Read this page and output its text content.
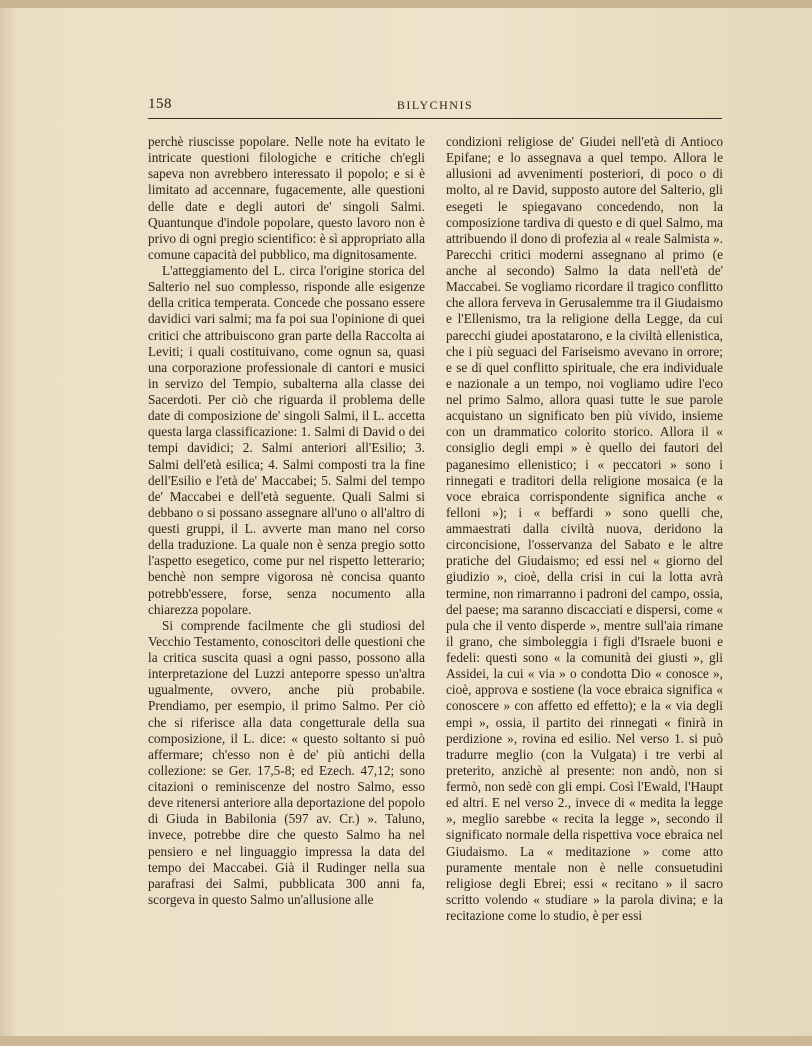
158	BILYCHNIS

perchè riuscisse popolare. Nelle note ha evitato le intricate questioni filologiche e critiche ch'egli sapeva non avrebbero interessato il popolo; e si è limitato ad accennare, fugacemente, alle questioni delle date e degli autori de' singoli Salmi. Quantunque d'indole popolare, questo lavoro non è privo di ogni pregio scientifico: è sì appropriato alla comune capacità del pubblico, ma dignitosamente.

L'atteggiamento del L. circa l'origine storica del Salterio nel suo complesso, risponde alle esigenze della critica temperata. Concede che possano essere davidici vari salmi; ma fa poi sua l'opinione di quei critici che attribuiscono gran parte della Raccolta ai Leviti; i quali costituivano, come ognun sa, quasi una corporazione professionale di cantori e musici in servizo del Tempio, subalterna alla classe dei Sacerdoti. Per ciò che riguarda il problema delle date di composizione de' singoli Salmi, il L. accetta questa larga classificazione: 1. Salmi di David o dei tempi davidici; 2. Salmi anteriori all'Esilio; 3. Salmi dell'età esilica; 4. Salmi composti tra la fine dell'Esilio e l'età de' Maccabei; 5. Salmi del tempo de' Maccabei e dell'età seguente. Quali Salmi si debbano o si possano assegnare all'uno o all'altro di questi gruppi, il L. avverte man mano nel corso della traduzione. La quale non è senza pregio sotto l'aspetto esegetico, come pur nel rispetto letterario; benchè non sempre vigorosa nè concisa quanto potrebb'essere, forse, senza nocumento alla chiarezza popolare.

Si comprende facilmente che gli studiosi del Vecchio Testamento, conoscitori delle questioni che la critica suscita quasi a ogni passo, possono alla interpretazione del Luzzi anteporre spesso un'altra ugualmente, ovvero, anche più probabile. Prendiamo, per esempio, il primo Salmo. Per ciò che si riferisce alla data congetturale della sua composizione, il L. dice: « questo soltanto si può affermare; ch'esso non è de' più antichi della collezione: se Ger. 17,5-8; ed Ezech. 47,12; sono citazioni o reminiscenze del nostro Salmo, esso deve ritenersi anteriore alla deportazione del popolo di Giuda in Babilonia (597 av. Cr.) ». Taluno, invece, potrebbe dire che questo Salmo ha nel pensiero e nel linguaggio impressa la data del tempo dei Maccabei. Già il Rudinger nella sua parafrasi dei Salmi, pubblicata 300 anni fa, scorgeva in questo Salmo un'allusione alle

condizioni religiose de' Giudei nell'età di Antioco Epifane; e lo assegnava a quel tempo. Allora le allusioni ad avvenimenti posteriori, di poco o di molto, al re David, supposto autore del Salterio, gli esegeti le spiegavano concedendo, non la composizione tardiva di questo e di quel Salmo, ma attribuendo il dono di profezia al « reale Salmista ». Parecchi critici moderni assegnano al primo (e anche al secondo) Salmo la data nell'età de' Maccabei. Se vogliamo ricordare il tragico conflitto che allora ferveva in Gerusalemme tra il Giudaismo e l'Ellenismo, tra la religione della Legge, da cui parecchi giudei apostatarono, e la civiltà ellenistica, che i più seguaci del Fariseismo avevano in orrore; e se di quel conflitto spirituale, che era individuale e nazionale a un tempo, noi vogliamo udire l'eco nel primo Salmo, allora quasi tutte le sue parole acquistano un significato ben più vivido, insieme con un drammatico colorito storico. Allora il « consiglio degli empi » è quello dei fautori del paganesimo ellenistico; i « peccatori » sono i rinnegati e traditori della religione mosaica (e la voce ebraica corrispondente significa anche « felloni »); i « beffardi » sono quelli che, ammaestrati dalla civiltà nuova, deridono la circoncisione, l'osservanza del Sabato e le altre pratiche del Giudaismo; ed essi nel « giorno del giudizio », cioè, della crisi in cui la lotta avrà termine, non rimarranno i padroni del campo, ossia, del paese; ma saranno discacciati e dispersi, come « pula che il vento disperde », mentre sull'aia rimane il grano, che simboleggia i figli d'Israele buoni e fedeli: questi sono « la comunità dei giusti », gli Assidei, la cui « via » o condotta Dio « conosce », cioè, approva e sostiene (la voce ebraica significa « conoscere » con affetto ed effetto); e la « via degli empi », ossia, il partito dei rinnegati « finirà in perdizione », rovina ed esilio. Nel verso 1. si può tradurre meglio (con la Vulgata) i tre verbi al preterito, anzichè al presente: non andò, non si fermò, non sedè con gli empi. Così l'Ewald, l'Haupt ed altri. E nel verso 2., invece di « medita la legge », meglio sarebbe « recita la legge », secondo il significato normale della rispettiva voce ebraica nel Giudaismo. La « meditazione » come atto puramente mentale non è nelle consuetudini religiose degli Ebrei; essi « recitano » il sacro scritto volendo « studiare » la parola divina; e la recitazione come lo studio, è per essi
